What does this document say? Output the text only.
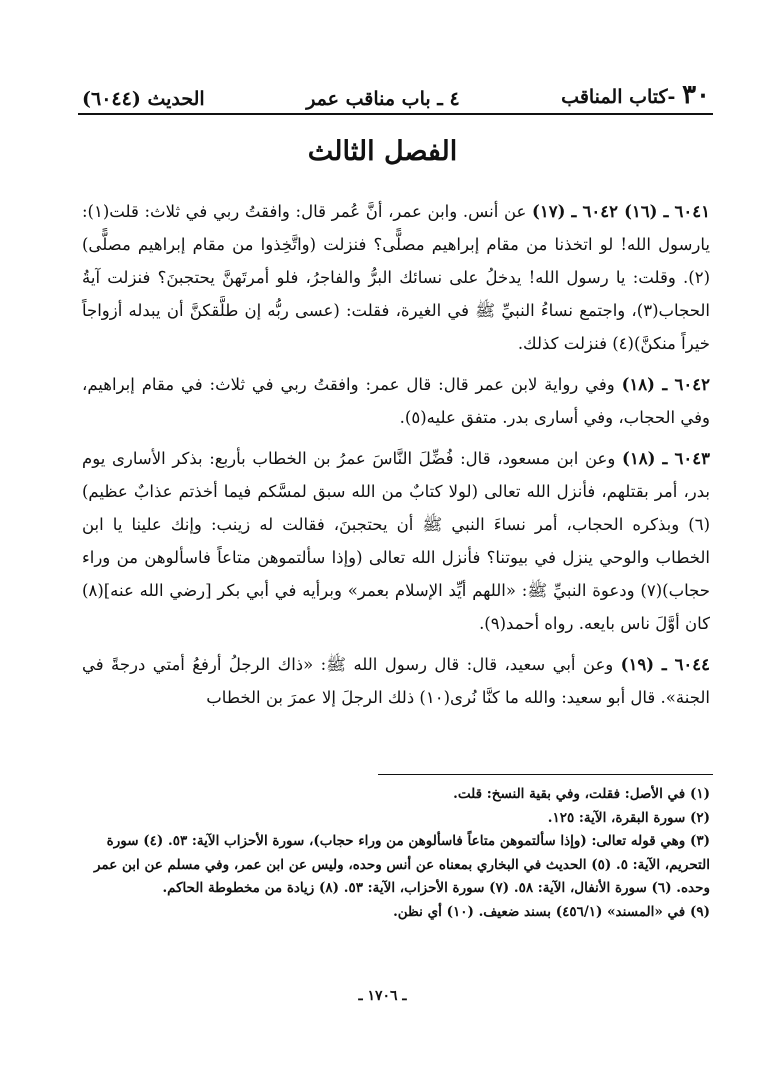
٣٠ -كتاب المناقب
٤ ـ باب مناقب عمر
الحديث (٦٠٤٤)
الفصل الثالث

٦٠٤١ ـ (١٦) ٦٠٤٢ ـ (١٧) عن أنس. وابن عمر، أنَّ عُمر قال: وافقتُ ربي في ثلاث: قلت(١): يارسول الله! لو اتخذنا من مقام إبراهيم مصلًّى؟ فنزلت (واتَّخِذوا من مقام إبراهيم مصلًّى)(٢). وقلت: يا رسول الله! يدخلُ على نسائك البرُّ والفاجرُ، فلو أمرتَهنَّ يحتجبنَ؟ فنزلت آيةُ الحجاب(٣)، واجتمع نساءُ النبيِّ ﷺ في الغيرة، فقلت: (عسى ربُّه إن طلَّقكنَّ أن يبدله أزواجاً خيراً منكنَّ)(٤) فنزلت كذلك.

٦٠٤٢ ـ (١٨) وفي رواية لابن عمر قال: قال عمر: وافقتُ ربي في ثلاث: في مقام إبراهيم، وفي الحجاب، وفي أسارى بدر. متفق عليه(٥).

٦٠٤٣ ـ (١٨) وعن ابن مسعود، قال: فُضِّلَ النَّاسَ عمرُ بن الخطاب بأربع: بذكر الأسارى يوم بدر، أمر بقتلهم، فأنزل الله تعالى (لولا كتابٌ من الله سبق لمسَّكم فيما أخذتم عذابٌ عظيم)(٦) وبذكره الحجاب، أمر نساءَ النبي ﷺ أن يحتجبنَ، فقالت له زينب: وإنك علينا يا ابن الخطاب والوحي ينزل في بيوتنا؟ فأنزل الله تعالى (وإذا سألتموهن متاعاً فاسألوهن من وراء حجاب)(٧) ودعوة النبيِّ ﷺ: «اللهم أيِّد الإسلام بعمر» وبرأيه في أبي بكر [رضي الله عنه](٨) كان أوَّلَ ناس بايعه. رواه أحمد(٩).

٦٠٤٤ ـ (١٩) وعن أبي سعيد، قال: قال رسول الله ﷺ: «ذاك الرجلُ أرفعُ أمتي درجةً في الجنة». قال أبو سعيد: والله ما كنَّا نُرى(١٠) ذلك الرجلَ إلا عمرَ بن الخطاب

(١) في الأصل: فقلت، وفي بقية النسخ: قلت.

(٢) سورة البقرة، الآية: ١٢٥.

(٣) وهي قوله تعالى: (وإذا سألتموهن متاعاً فاسألوهن من وراء حجاب)، سورة الأحزاب الآية: ٥٣. (٤) سورة التحريم، الآية: ٥. (٥) الحديث في البخاري بمعناه عن أنس وحده، وليس عن ابن عمر، وفي مسلم عن ابن عمر وحده. (٦) سورة الأنفال، الآية: ٥٨. (٧) سورة الأحزاب، الآية: ٥٣. (٨) زيادة من مخطوطة الحاكم.

(٩) في «المسند» (٤٥٦/١) بسند ضعيف. (١٠) أي نظن.

ـ ١٧٠٦ ـ
